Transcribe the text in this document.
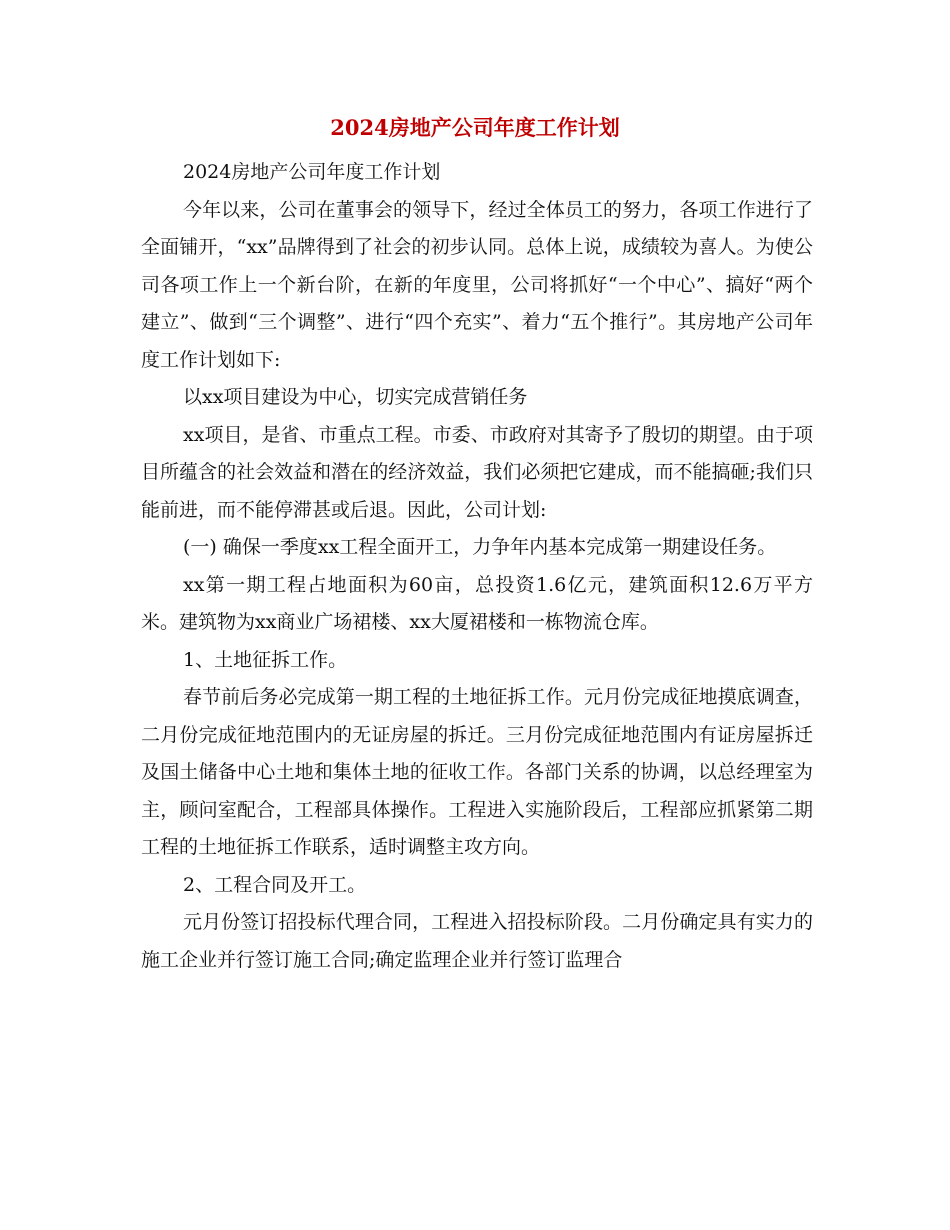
2024房地产公司年度工作计划

2024房地产公司年度工作计划

今年以来，公司在董事会的领导下，经过全体员工的努力，各项工作进行了全面铺开，“xx”品牌得到了社会的初步认同。总体上说，成绩较为喜人。为使公司各项工作上一个新台阶，在新的年度里，公司将抓好“一个中心”、搞好“两个建立”、做到“三个调整”、进行“四个充实”、着力“五个推行”。其房地产公司年度工作计划如下:

以xx项目建设为中心，切实完成营销任务

xx项目，是省、市重点工程。市委、市政府对其寄予了殷切的期望。由于项目所蕴含的社会效益和潜在的经济效益，我们必须把它建成，而不能搞砸;我们只能前进，而不能停滞甚或后退。因此，公司计划:

(一) 确保一季度xx工程全面开工，力争年内基本完成第一期建设任务。

xx第一期工程占地面积为60亩，总投资1.6亿元，建筑面积12.6万平方米。建筑物为xx商业广场裙楼、xx大厦裙楼和一栋物流仓库。

1、土地征拆工作。

春节前后务必完成第一期工程的土地征拆工作。元月份完成征地摸底调查，二月份完成征地范围内的无证房屋的拆迁。三月份完成征地范围内有证房屋拆迁及国土储备中心土地和集体土地的征收工作。各部门关系的协调，以总经理室为主，顾问室配合，工程部具体操作。工程进入实施阶段后，工程部应抓紧第二期工程的土地征拆工作联系，适时调整主攻方向。

2、工程合同及开工。

元月份签订招投标代理合同，工程进入招投标阶段。二月份确定具有实力的施工企业并行签订施工合同;确定监理企业并行签订监理合
